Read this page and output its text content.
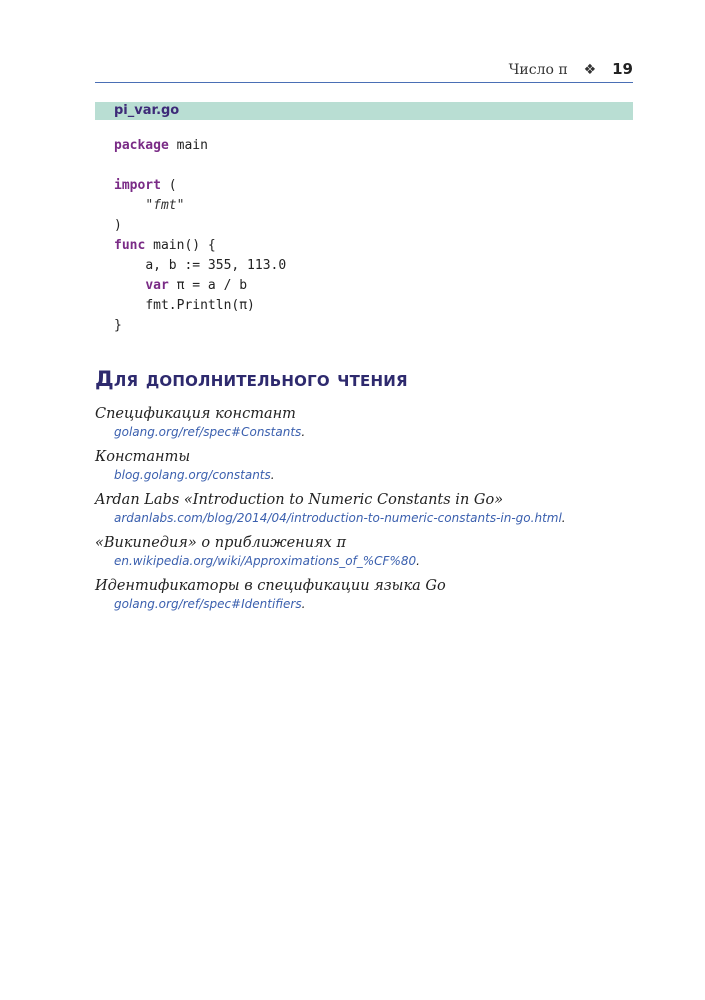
Число π ❖ 19
pi_var.go
package main
import (
"fmt"
)
func main() {
a, b := 355, 113.0
var π = a / b
fmt.Println(π)
}
Для дополнительного чтения
Спецификация констант
golang.org/ref/spec#Constants.
Константы
blog.golang.org/constants.
Ardan Labs «Introduction to Numeric Constants in Go»
ardanlabs.com/blog/2014/04/introduction-to-numeric-constants-in-go.html.
«Википедия» о приближениях π
en.wikipedia.org/wiki/Approximations_of_%CF%80.
Идентификаторы в спецификации языка Go
golang.org/ref/spec#Identifiers.
